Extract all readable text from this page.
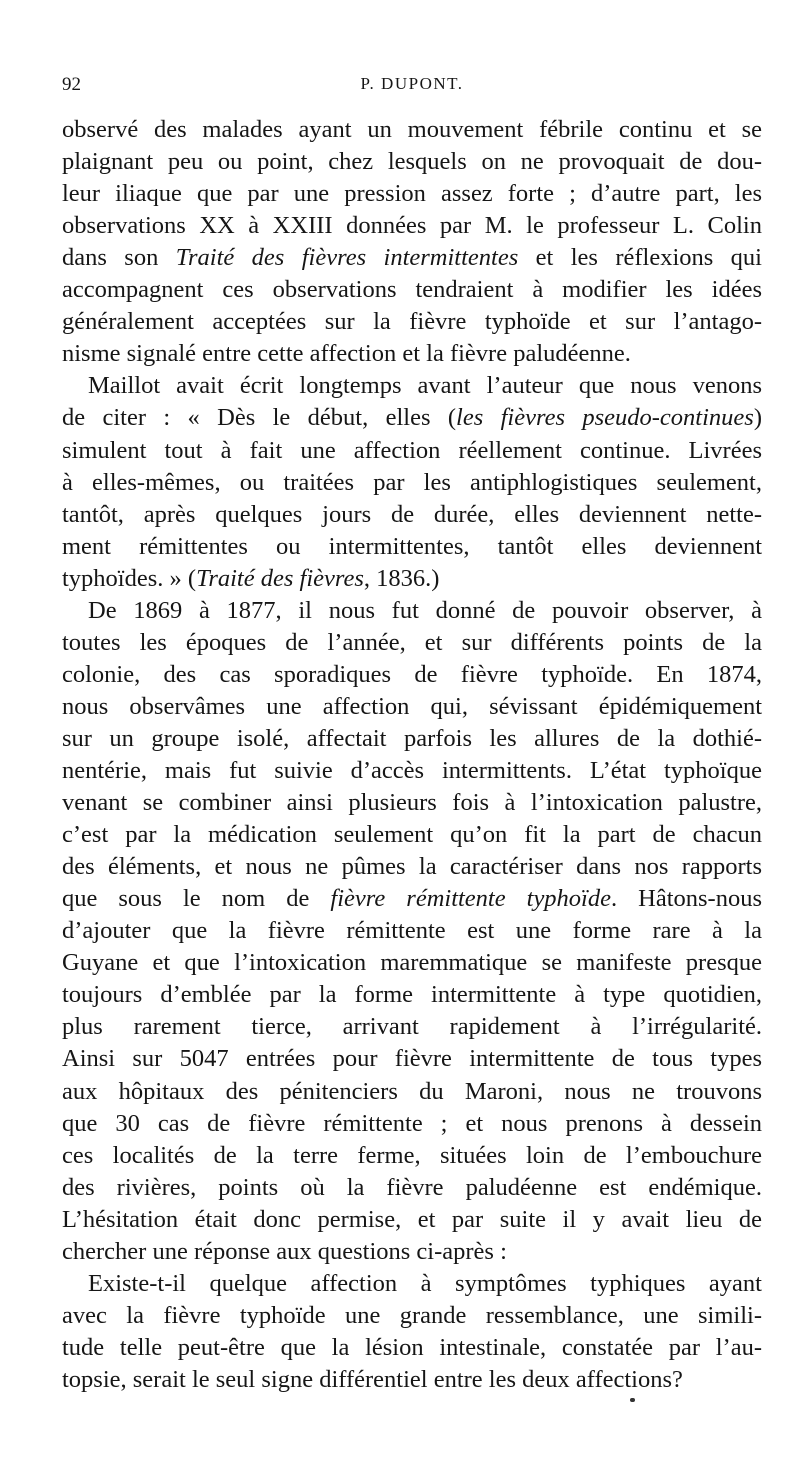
92	P. DUPONT.
observé des malades ayant un mouvement fébrile continu et se
plaignant peu ou point, chez lesquels on ne provoquait de dou-
leur iliaque que par une pression assez forte ; d’autre part, les
observations XX à XXIII données par M. le professeur L. Colin
dans son Traité des fièvres intermittentes et les réflexions qui
accompagnent ces observations tendraient à modifier les idées
généralement acceptées sur la fièvre typhoïde et sur l’antago-
nisme signalé entre cette affection et la fièvre paludéenne.
Maillot avait écrit longtemps avant l’auteur que nous venons
de citer : « Dès le début, elles (les fièvres pseudo-continues)
simulent tout à fait une affection réellement continue. Livrées
à elles-mêmes, ou traitées par les antiphlogistiques seulement,
tantôt, après quelques jours de durée, elles deviennent nette-
ment rémittentes ou intermittentes, tantôt elles deviennent
typhoïdes. » (Traité des fièvres, 1836.)
De 1869 à 1877, il nous fut donné de pouvoir observer, à
toutes les époques de l’année, et sur différents points de la
colonie, des cas sporadiques de fièvre typhoïde. En 1874,
nous observâmes une affection qui, sévissant épidémiquement
sur un groupe isolé, affectait parfois les allures de la dothié-
nentérie, mais fut suivie d’accès intermittents. L’état typhoïque
venant se combiner ainsi plusieurs fois à l’intoxication palustre,
c’est par la médication seulement qu’on fit la part de chacun
des éléments, et nous ne pûmes la caractériser dans nos rapports
que sous le nom de fièvre rémittente typhoïde. Hâtons-nous
d’ajouter que la fièvre rémittente est une forme rare à la
Guyane et que l’intoxication maremmatique se manifeste presque
toujours d’emblée par la forme intermittente à type quotidien,
plus rarement tierce, arrivant rapidement à l’irrégularité.
Ainsi sur 5047 entrées pour fièvre intermittente de tous types
aux hôpitaux des pénitenciers du Maroni, nous ne trouvons
que 30 cas de fièvre rémittente ; et nous prenons à dessein
ces localités de la terre ferme, situées loin de l’embouchure
des rivières, points où la fièvre paludéenne est endémique.
L’hésitation était donc permise, et par suite il y avait lieu de
chercher une réponse aux questions ci-après :
Existe-t-il quelque affection à symptômes typhiques ayant
avec la fièvre typhoïde une grande ressemblance, une simili-
tude telle peut-être que la lésion intestinale, constatée par l’au-
topsie, serait le seul signe différentiel entre les deux affections?
